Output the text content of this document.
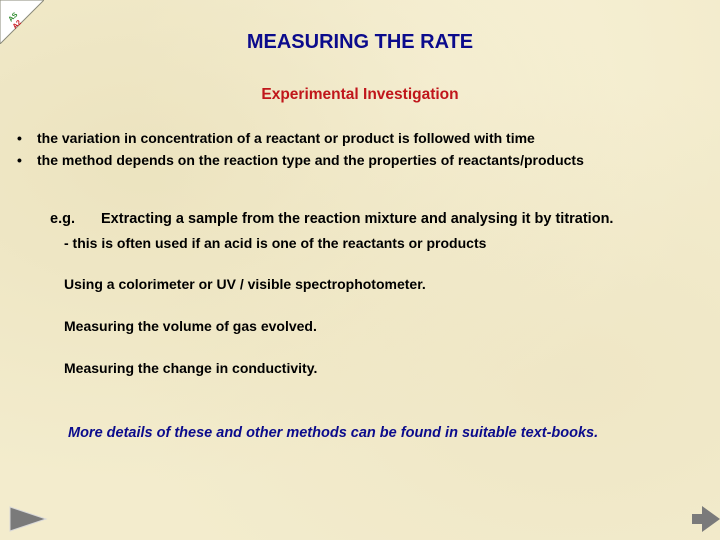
AS
A2
MEASURING THE RATE
Experimental Investigation
• the variation in concentration of a reactant or product is followed with time
• the method depends on the reaction type and the properties of reactants/products
e.g. Extracting a sample from the reaction mixture and analysing it by titration.
- this is often used if an acid is one of the reactants or products
Using a colorimeter or UV / visible spectrophotometer.
Measuring the volume of gas evolved.
Measuring the change in conductivity.
More details of these and other methods can be found in suitable text-books.
